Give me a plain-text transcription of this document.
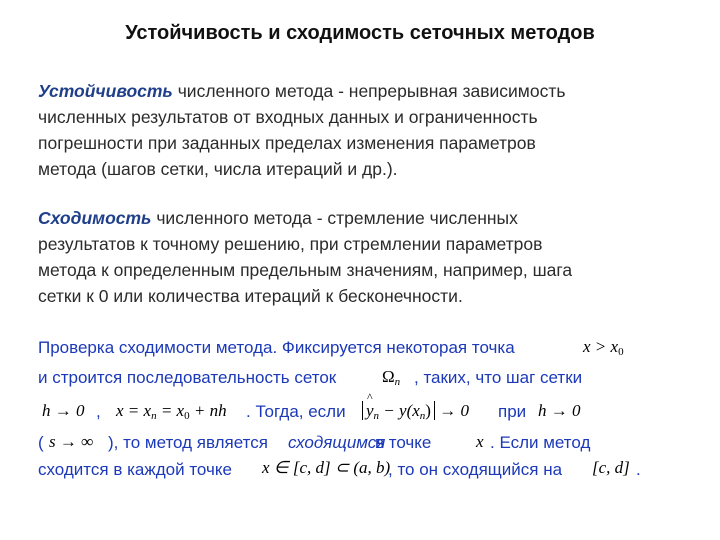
Устойчивость и сходимость сеточных методов
Устойчивость численного метода - непрерывная зависимость
численных результатов от входных данных и ограниченность
погрешности при заданных пределах изменения параметров
метода (шагов сетки, числа итераций и др.).
Сходимость численного метода - стремление численных
результатов к точному решению, при стремлении параметров
метода к определенным предельным значениям, например, шага
сетки к 0 или количества итераций к бесконечности.
Проверка сходимости метода. Фиксируется некоторая точка	$x > x_0$
и строится последовательность сеток	$\Omega_n$ , таких, что шаг сетки
h → 0 , $x = x_n = x_0$ + nh . Тогда, если
^ $y_n - y(x_n) \to 0$ при h → 0
( s → ∞ ), то метод является сходящимся
в точке	x . Если метод
сходится в каждой точке x ∈ [c, d] ⊂ (a, b)
, то он сходящийся на [c, d] .
